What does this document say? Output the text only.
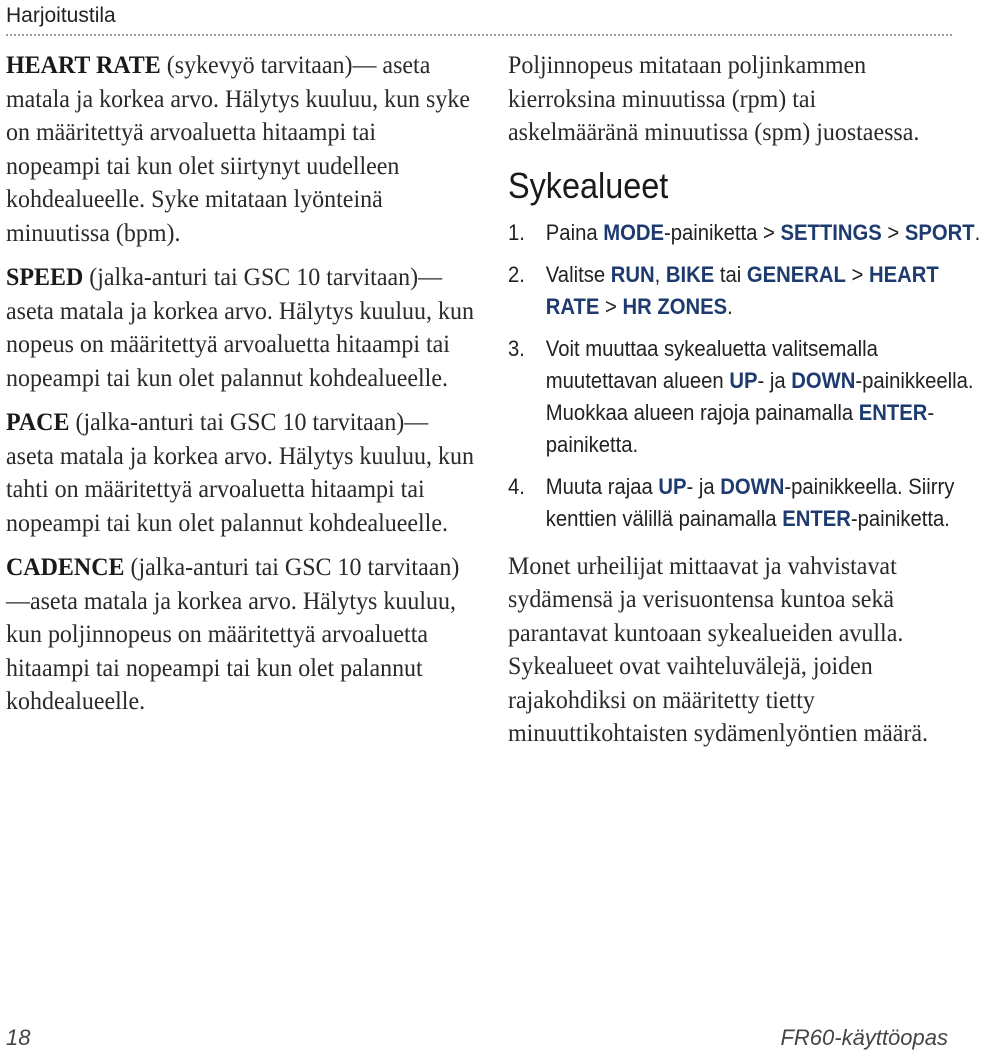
Harjoitustila

HEART RATE (sykevyö tarvitaan)— aseta matala ja korkea arvo. Hälytys kuuluu, kun syke on määritettyä arvoaluetta hitaampi tai nopeampi tai kun olet siirtynyt uudelleen kohdealueelle. Syke mitataan lyönteinä minuutissa (bpm).

SPEED (jalka-anturi tai GSC 10 tarvitaan)—aseta matala ja korkea arvo. Hälytys kuuluu, kun nopeus on määritettyä arvoaluetta hitaampi tai nopeampi tai kun olet palannut kohdealueelle.

PACE (jalka-anturi tai GSC 10 tarvitaan)—aseta matala ja korkea arvo. Hälytys kuuluu, kun tahti on määritettyä arvoaluetta hitaampi tai nopeampi tai kun olet palannut kohdealueelle.

CADENCE (jalka-anturi tai GSC 10 tarvitaan)—aseta matala ja korkea arvo. Hälytys kuuluu, kun poljinnopeus on määritettyä arvoaluetta hitaampi tai nopeampi tai kun olet palannut kohdealueelle.

Poljinnopeus mitataan poljinkammen kierroksina minuutissa (rpm) tai askelmääränä minuutissa (spm) juostaessa.

Sykealueet
1. Paina MODE-painiketta > SETTINGS > SPORT.
2. Valitse RUN, BIKE tai GENERAL > HEART RATE > HR ZONES.
3. Voit muuttaa sykealuetta valitsemalla muutettavan alueen UP- ja DOWN-painikkeella. Muokkaa alueen rajoja painamalla ENTER-painiketta.
4. Muuta rajaa UP- ja DOWN-painikkeella. Siirry kenttien välillä painamalla ENTER-painiketta.

Monet urheilijat mittaavat ja vahvistavat sydämensä ja verisuontensa kuntoa sekä parantavat kuntoaan sykealueiden avulla. Sykealueet ovat vaihteluvälejä, joiden rajakohdiksi on määritetty tietty minuuttikohtaisten sydämenlyöntien määrä.

18	FR60-käyttöopas
